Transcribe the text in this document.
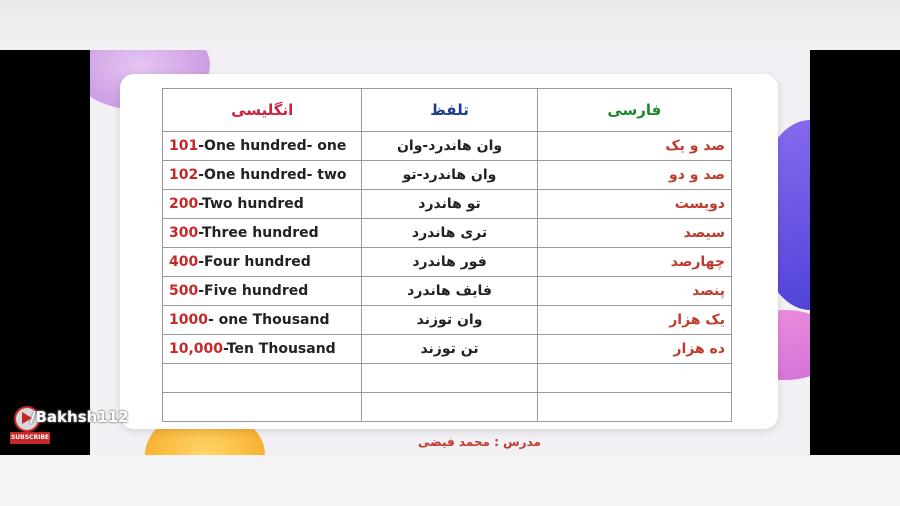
انگلیسی	تلفظ	فارسی
101-One hundred- one	وان هاندرد-وان	صد و یک
102-One hundred- two	وان هاندرد-تو	صد و دو
200-Two hundred	تو هاندرد	دویست
300-Three hundred	تری هاندرد	سیصد
400-Four hundred	فور هاندرد	چهارصد
500-Five hundred	فایف هاندرد	پنصد
1000- one Thousand	وان توزند	یک هزار
10,000-Ten Thousand	تن توزند	ده هزار

مدرس : محمد فیضی
SUBSCRIBE
/Bakhsh112
